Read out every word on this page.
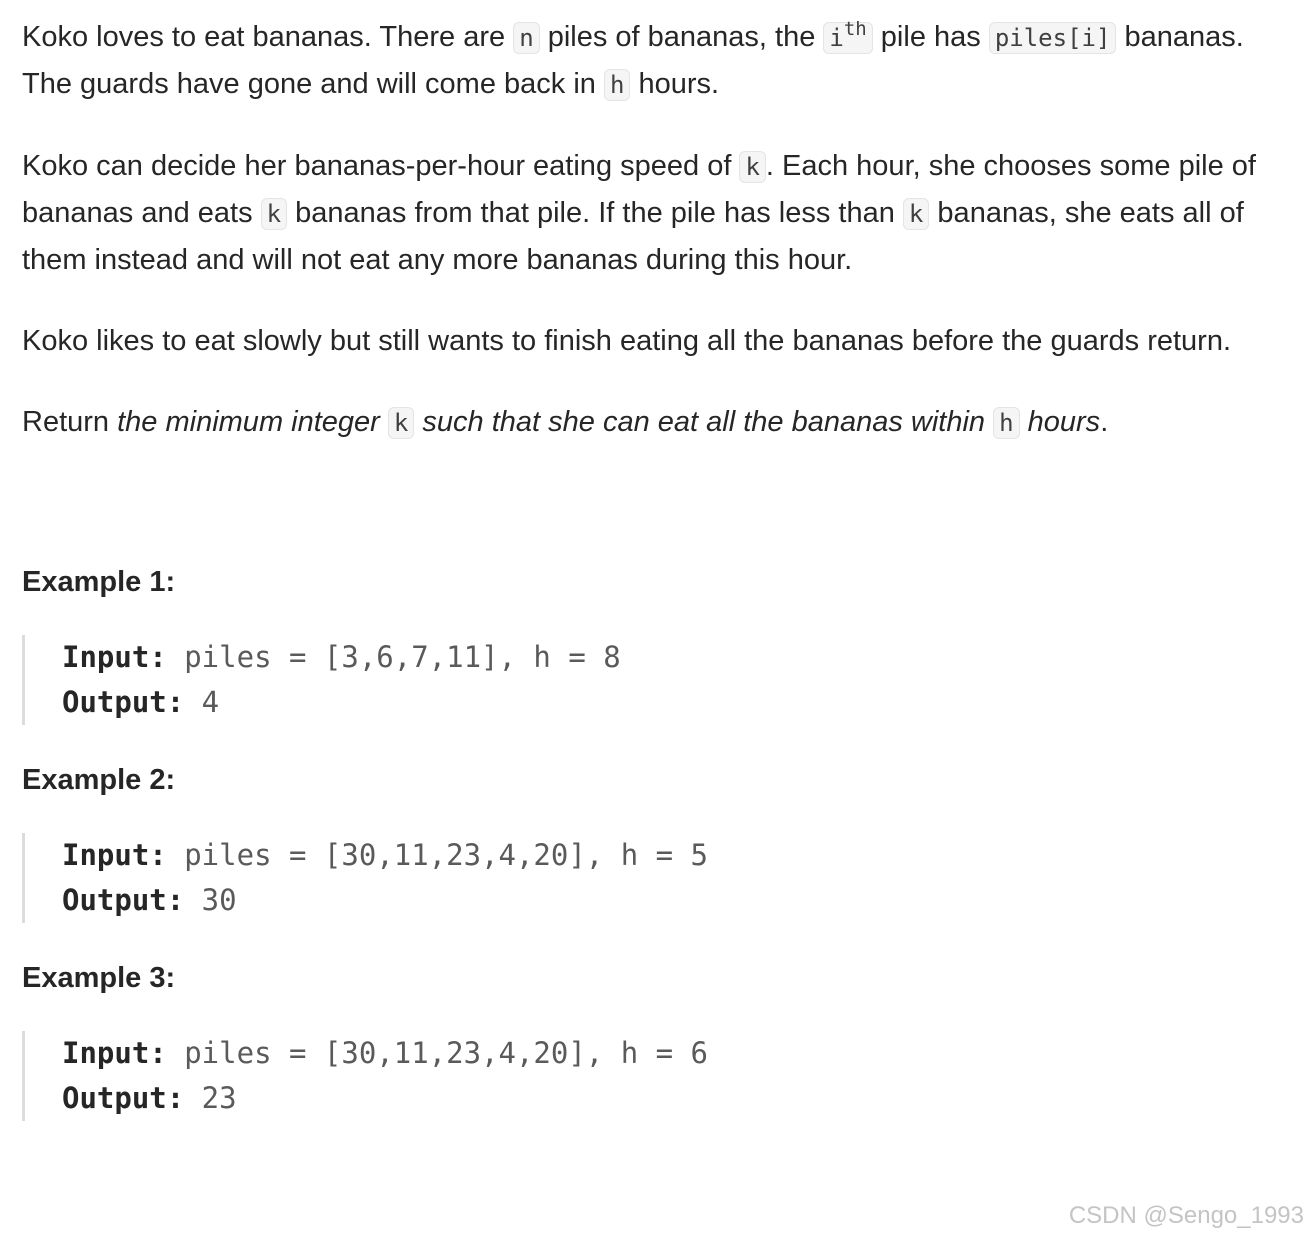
Koko loves to eat bananas. There are n piles of bananas, the $i^{th}$ pile has piles[i] bananas. The guards have gone and will come back in h hours.

Koko can decide her bananas-per-hour eating speed of k . Each hour, she chooses some pile of bananas and eats k bananas from that pile. If the pile has less than k bananas, she eats all of them instead and will not eat any more bananas during this hour.

Koko likes to eat slowly but still wants to finish eating all the bananas before the guards return.

Return the minimum integer k such that she can eat all the bananas within h hours.

Example 1:

Input: piles = [3,6,7,11], h = 8
Output: 4

Example 2:

Input: piles = [30,11,23,4,20], h = 5
Output: 30

Example 3:

Input: piles = [30,11,23,4,20], h = 6
Output: 23
CSDN @Sengo_1993
